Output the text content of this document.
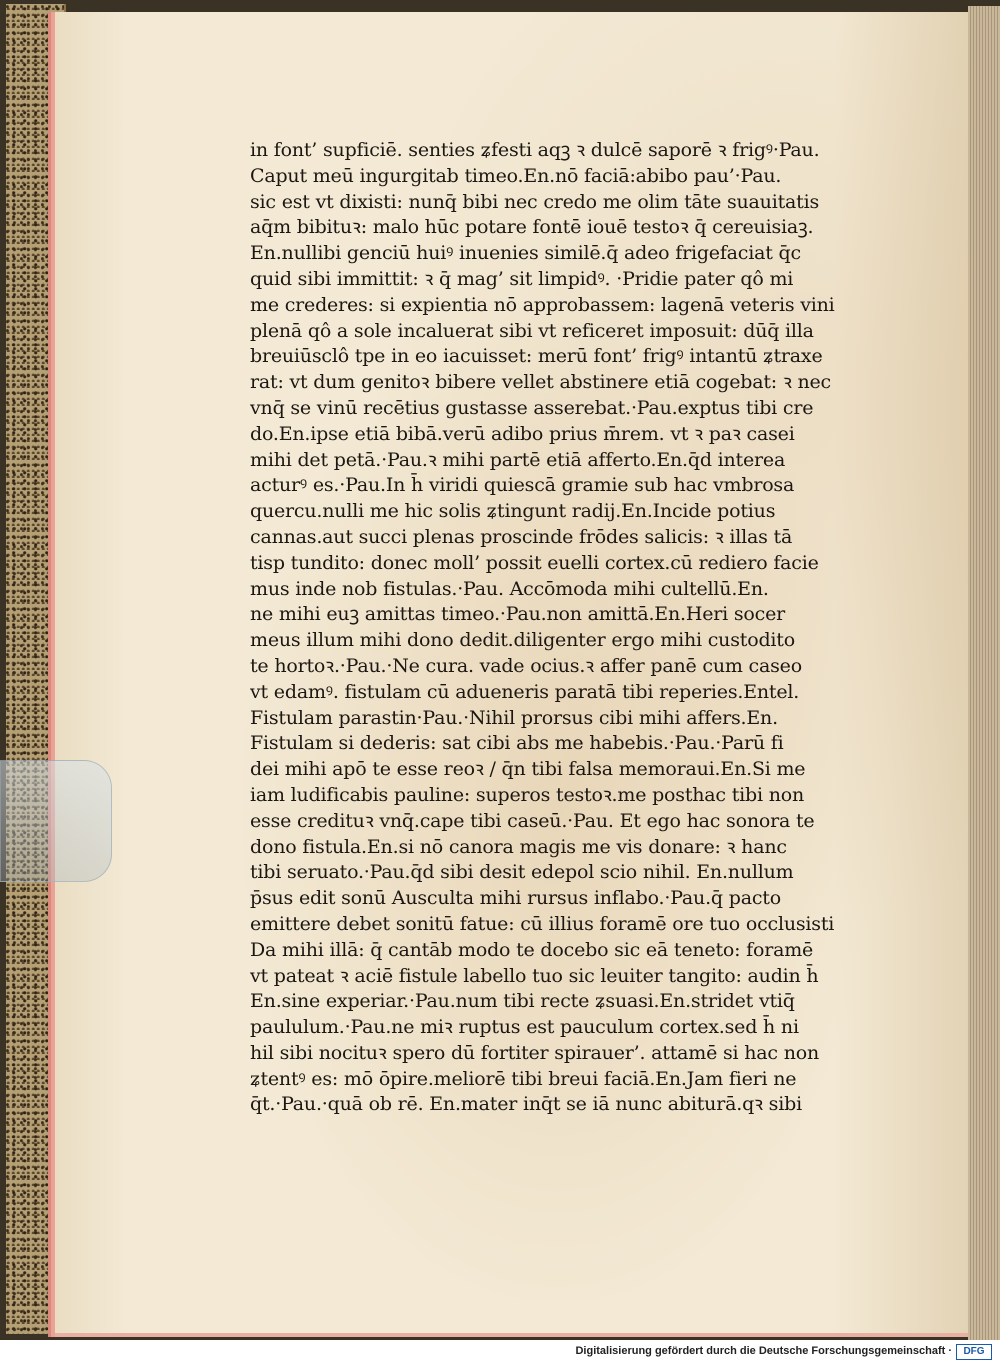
in font’ supficiē. senties ʑfesti aqꝫ ꝛ dulcē saporē ꝛ frigꝰ·Pau.
Caput meū ingurgitab timeo.En.nō faciā:abibo pau’·Pau.
sic est vt dixisti: nunq̄ bibi nec credo me olim tāte suauitatis
aq̄m bibituꝛ: malo hūc potare fontē iouē testoꝛ q̄ cereuisiaꝫ.
En.nullibi genciū huiꝰ inuenies similē.q̄ adeo frigefaciat q̄c
quid sibi immittit: ꝛ q̄ mag’ sit limpidꝰ. ·Pridie pater qô mi
me crederes: si expientia nō approbassem: lagenā veteris vini
plenā qô a sole incaluerat sibi vt reficeret imposuit: dūq̄ illa
breuiūsclô tpe in eo iacuisset: merū font’ frigꝰ intantū ʑtraxe
rat: vt dum genitoꝛ bibere vellet abstinere etiā cogebat: ꝛ nec
vnq̄ se vinū recētius gustasse asserebat.·Pau.exptus tibi cre
do.En.ipse etiā bibā.verū adibo prius m̄rem. vt ꝛ paꝛ casei
mihi det petā.·Pau.ꝛ mihi partē etiā afferto.En.q̄d interea
acturꝰ es.·Pau.In h̄ viridi quiescā gramie sub hac vmbrosa
quercu.nulli me hic solis ʑtingunt radij.En.Incide potius
cannas.aut succi plenas proscinde frōdes salicis: ꝛ illas tā
tisp tundito: donec moll’ possit euelli cortex.cū rediero facie
mus inde nob fistulas.·Pau. Accōmoda mihi cultellū.En.
ne mihi euꝫ amittas timeo.·Pau.non amittā.En.Heri socer
meus illum mihi dono dedit.diligenter ergo mihi custodito
te hortoꝛ.·Pau.·Ne cura. vade ocius.ꝛ affer panē cum caseo
vt edamꝰ. fistulam cū adueneris paratā tibi reperies.Entel.
Fistulam parastin·Pau.·Nihil prorsus cibi mihi affers.En.
Fistulam si dederis: sat cibi abs me habebis.·Pau.·Parū fi
dei mihi apō te esse reoꝛ / q̄n tibi falsa memoraui.En.Si me
iam ludificabis pauline: superos testoꝛ.me posthac tibi non
esse credituꝛ vnq̄.cape tibi caseū.·Pau. Et ego hac sonora te
dono fistula.En.si nō canora magis me vis donare: ꝛ hanc
tibi seruato.·Pau.q̄d sibi desit edepol scio nihil. En.nullum
p̄sus edit sonū Ausculta mihi rursus inflabo.·Pau.q̄ pacto
emittere debet sonitū fatue: cū illius foramē ore tuo occlusisti
Da mihi illā: q̄ cantāb modo te docebo sic eā teneto: foramē
vt pateat ꝛ aciē fistule labello tuo sic leuiter tangito: audin h̄
En.sine experiar.·Pau.num tibi recte ʑsuasi.En.stridet vtiq̄
paululum.·Pau.ne miꝛ ruptus est pauculum cortex.sed h̄ ni
hil sibi nocituꝛ spero dū fortiter spirauer’. attamē si hac non
ʑtentꝰ es: mō ōpire.meliorē tibi breui faciā.En.Jam fieri ne
q̄t.·Pau.·quā ob rē. En.mater inq̄t se iā nunc abiturā.qꝛ sibi
Digitalisierung gefördert durch die Deutsche Forschungsgemeinschaft ·	DFG
